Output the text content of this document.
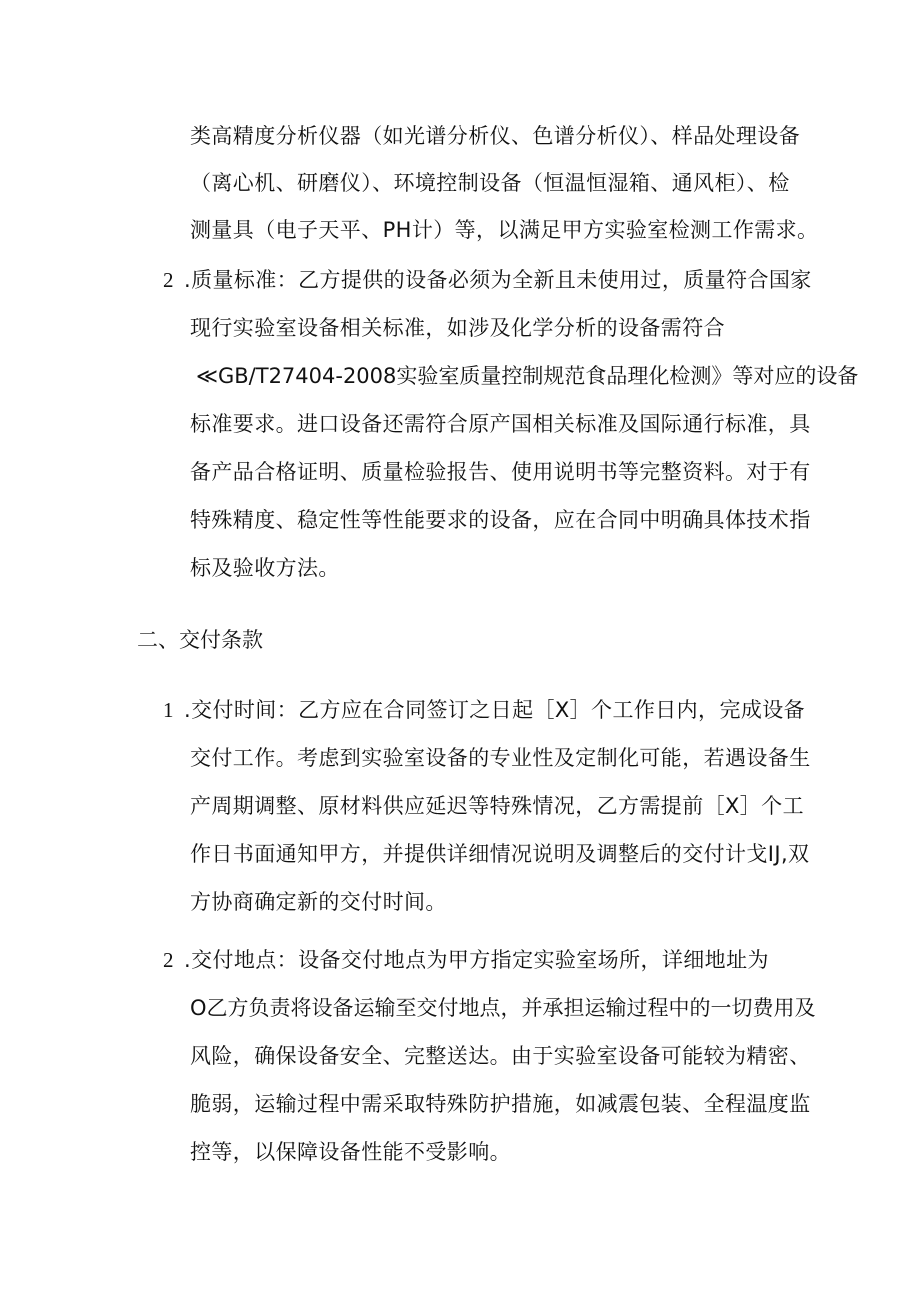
类高精度分析仪器（如光谱分析仪、色谱分析仪）、样品处理设备
（离心机、研磨仪）、环境控制设备（恒温恒湿箱、通风柜）、检
测量具（电子天平、PH计）等，以满足甲方实验室检测工作需求。
2 .质量标准：乙方提供的设备必须为全新且未使用过，质量符合国家
现行实验室设备相关标准，如涉及化学分析的设备需符合
≪GB/T27404-2008实验室质量控制规范食品理化检测》等对应的设备
标准要求。进口设备还需符合原产国相关标准及国际通行标准，具
备产品合格证明、质量检验报告、使用说明书等完整资料。对于有
特殊精度、稳定性等性能要求的设备，应在合同中明确具体技术指
标及验收方法。
二、交付条款
1 .交付时间：乙方应在合同签订之日起［X］个工作日内，完成设备
交付工作。考虑到实验室设备的专业性及定制化可能，若遇设备生
产周期调整、原材料供应延迟等特殊情况，乙方需提前［X］个工
作日书面通知甲方，并提供详细情况说明及调整后的交付计戈IJ,双
方协商确定新的交付时间。
2 .交付地点：设备交付地点为甲方指定实验室场所，详细地址为
O乙方负责将设备运输至交付地点，并承担运输过程中的一切费用及
风险，确保设备安全、完整送达。由于实验室设备可能较为精密、
脆弱，运输过程中需采取特殊防护措施，如减震包装、全程温度监
控等，以保障设备性能不受影响。
